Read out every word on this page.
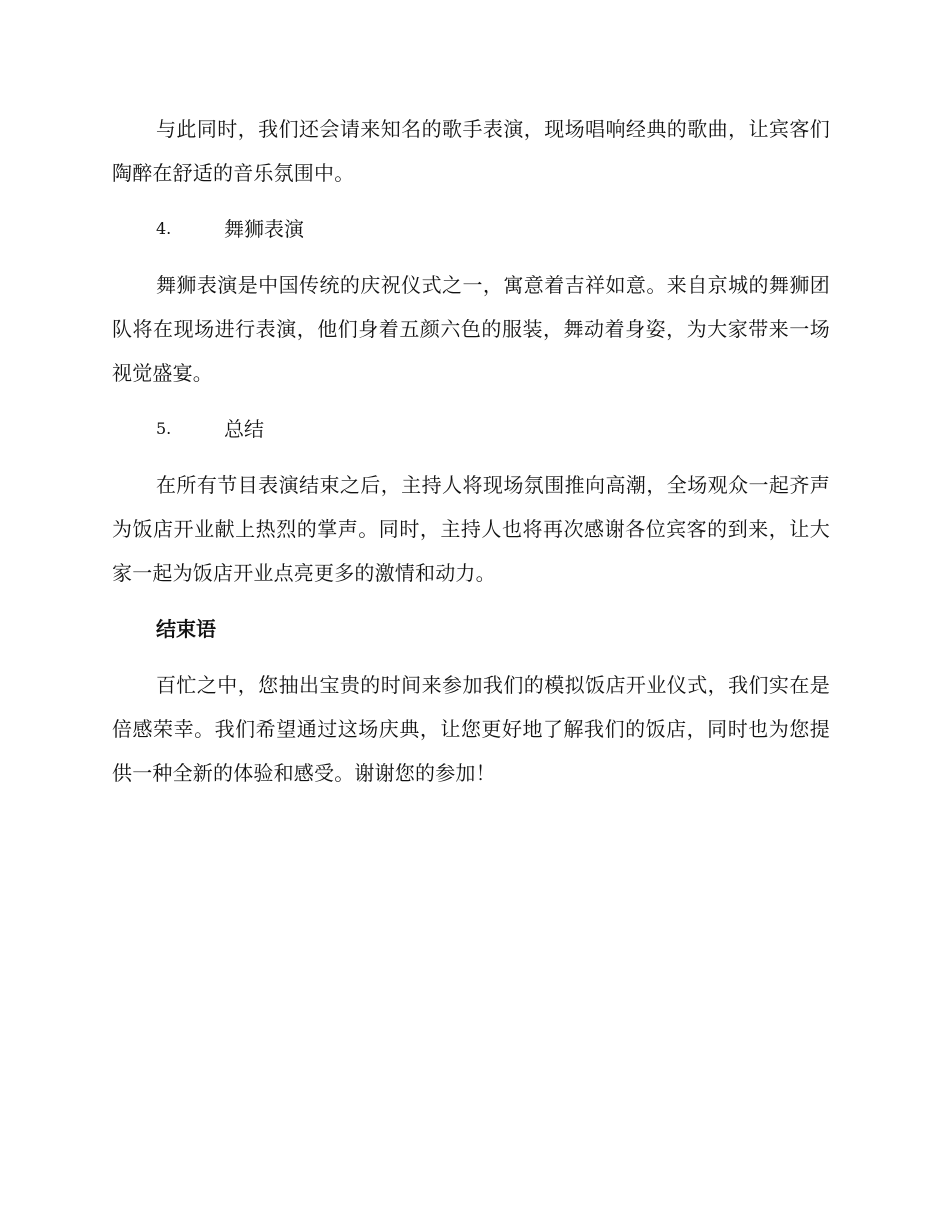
与此同时，我们还会请来知名的歌手表演，现场唱响经典的歌曲，让宾客们陶醉在舒适的音乐氛围中。

4.	舞狮表演

舞狮表演是中国传统的庆祝仪式之一，寓意着吉祥如意。来自京城的舞狮团队将在现场进行表演，他们身着五颜六色的服装，舞动着身姿，为大家带来一场视觉盛宴。

5.	总结

在所有节目表演结束之后，主持人将现场氛围推向高潮，全场观众一起齐声为饭店开业献上热烈的掌声。同时，主持人也将再次感谢各位宾客的到来，让大家一起为饭店开业点亮更多的激情和动力。

结束语

百忙之中，您抽出宝贵的时间来参加我们的模拟饭店开业仪式，我们实在是倍感荣幸。我们希望通过这场庆典，让您更好地了解我们的饭店，同时也为您提供一种全新的体验和感受。谢谢您的参加！
